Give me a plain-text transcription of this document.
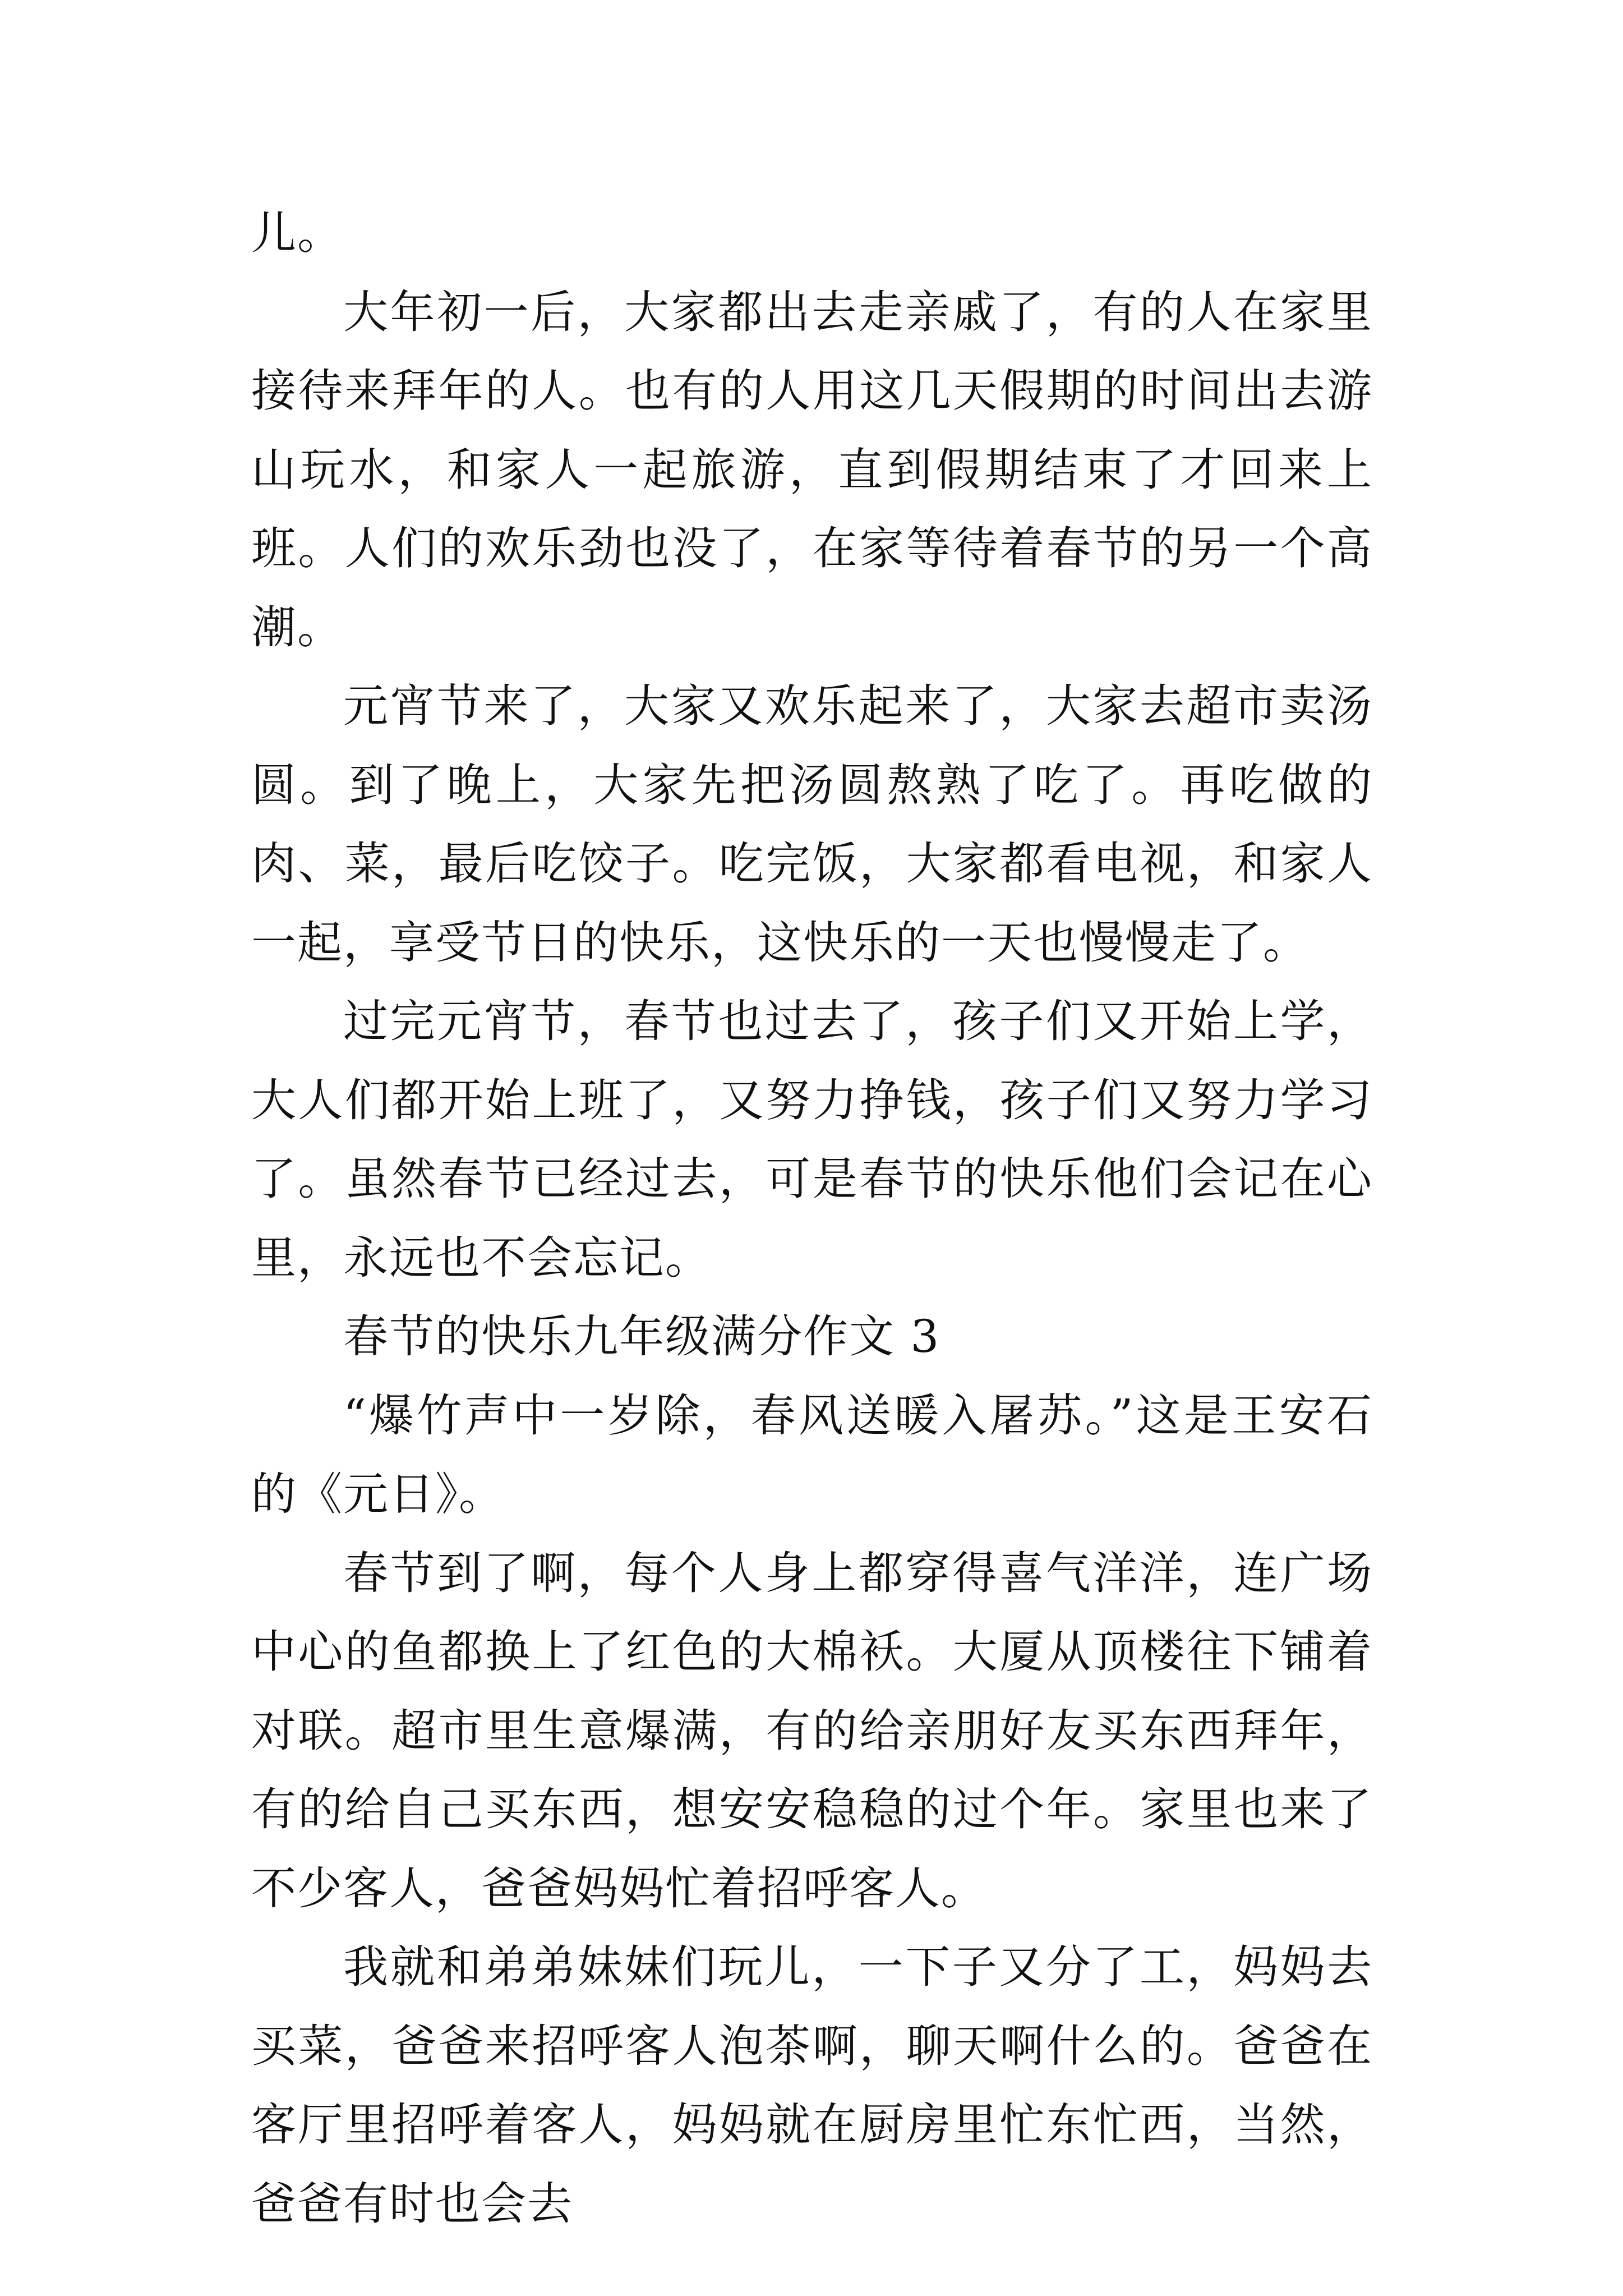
儿。

大年初一后，大家都出去走亲戚了，有的人在家里接待来拜年的人。也有的人用这几天假期的时间出去游山玩水，和家人一起旅游，直到假期结束了才回来上班。人们的欢乐劲也没了，在家等待着春节的另一个高潮。

元宵节来了，大家又欢乐起来了，大家去超市卖汤圆。到了晚上，大家先把汤圆熬熟了吃了。再吃做的肉、菜，最后吃饺子。吃完饭，大家都看电视，和家人一起，享受节日的快乐，这快乐的一天也慢慢走了。

过完元宵节，春节也过去了，孩子们又开始上学，大人们都开始上班了，又努力挣钱，孩子们又努力学习了。虽然春节已经过去，可是春节的快乐他们会记在心里，永远也不会忘记。

春节的快乐九年级满分作文 3

“爆竹声中一岁除，春风送暖入屠苏。”这是王安石的《元日》。

春节到了啊，每个人身上都穿得喜气洋洋，连广场中心的鱼都换上了红色的大棉袄。大厦从顶楼往下铺着对联。超市里生意爆满，有的给亲朋好友买东西拜年，有的给自己买东西，想安安稳稳的过个年。家里也来了不少客人，爸爸妈妈忙着招呼客人。

我就和弟弟妹妹们玩儿，一下子又分了工，妈妈去买菜，爸爸来招呼客人泡茶啊，聊天啊什么的。爸爸在客厅里招呼着客人，妈妈就在厨房里忙东忙西，当然，爸爸有时也会去
